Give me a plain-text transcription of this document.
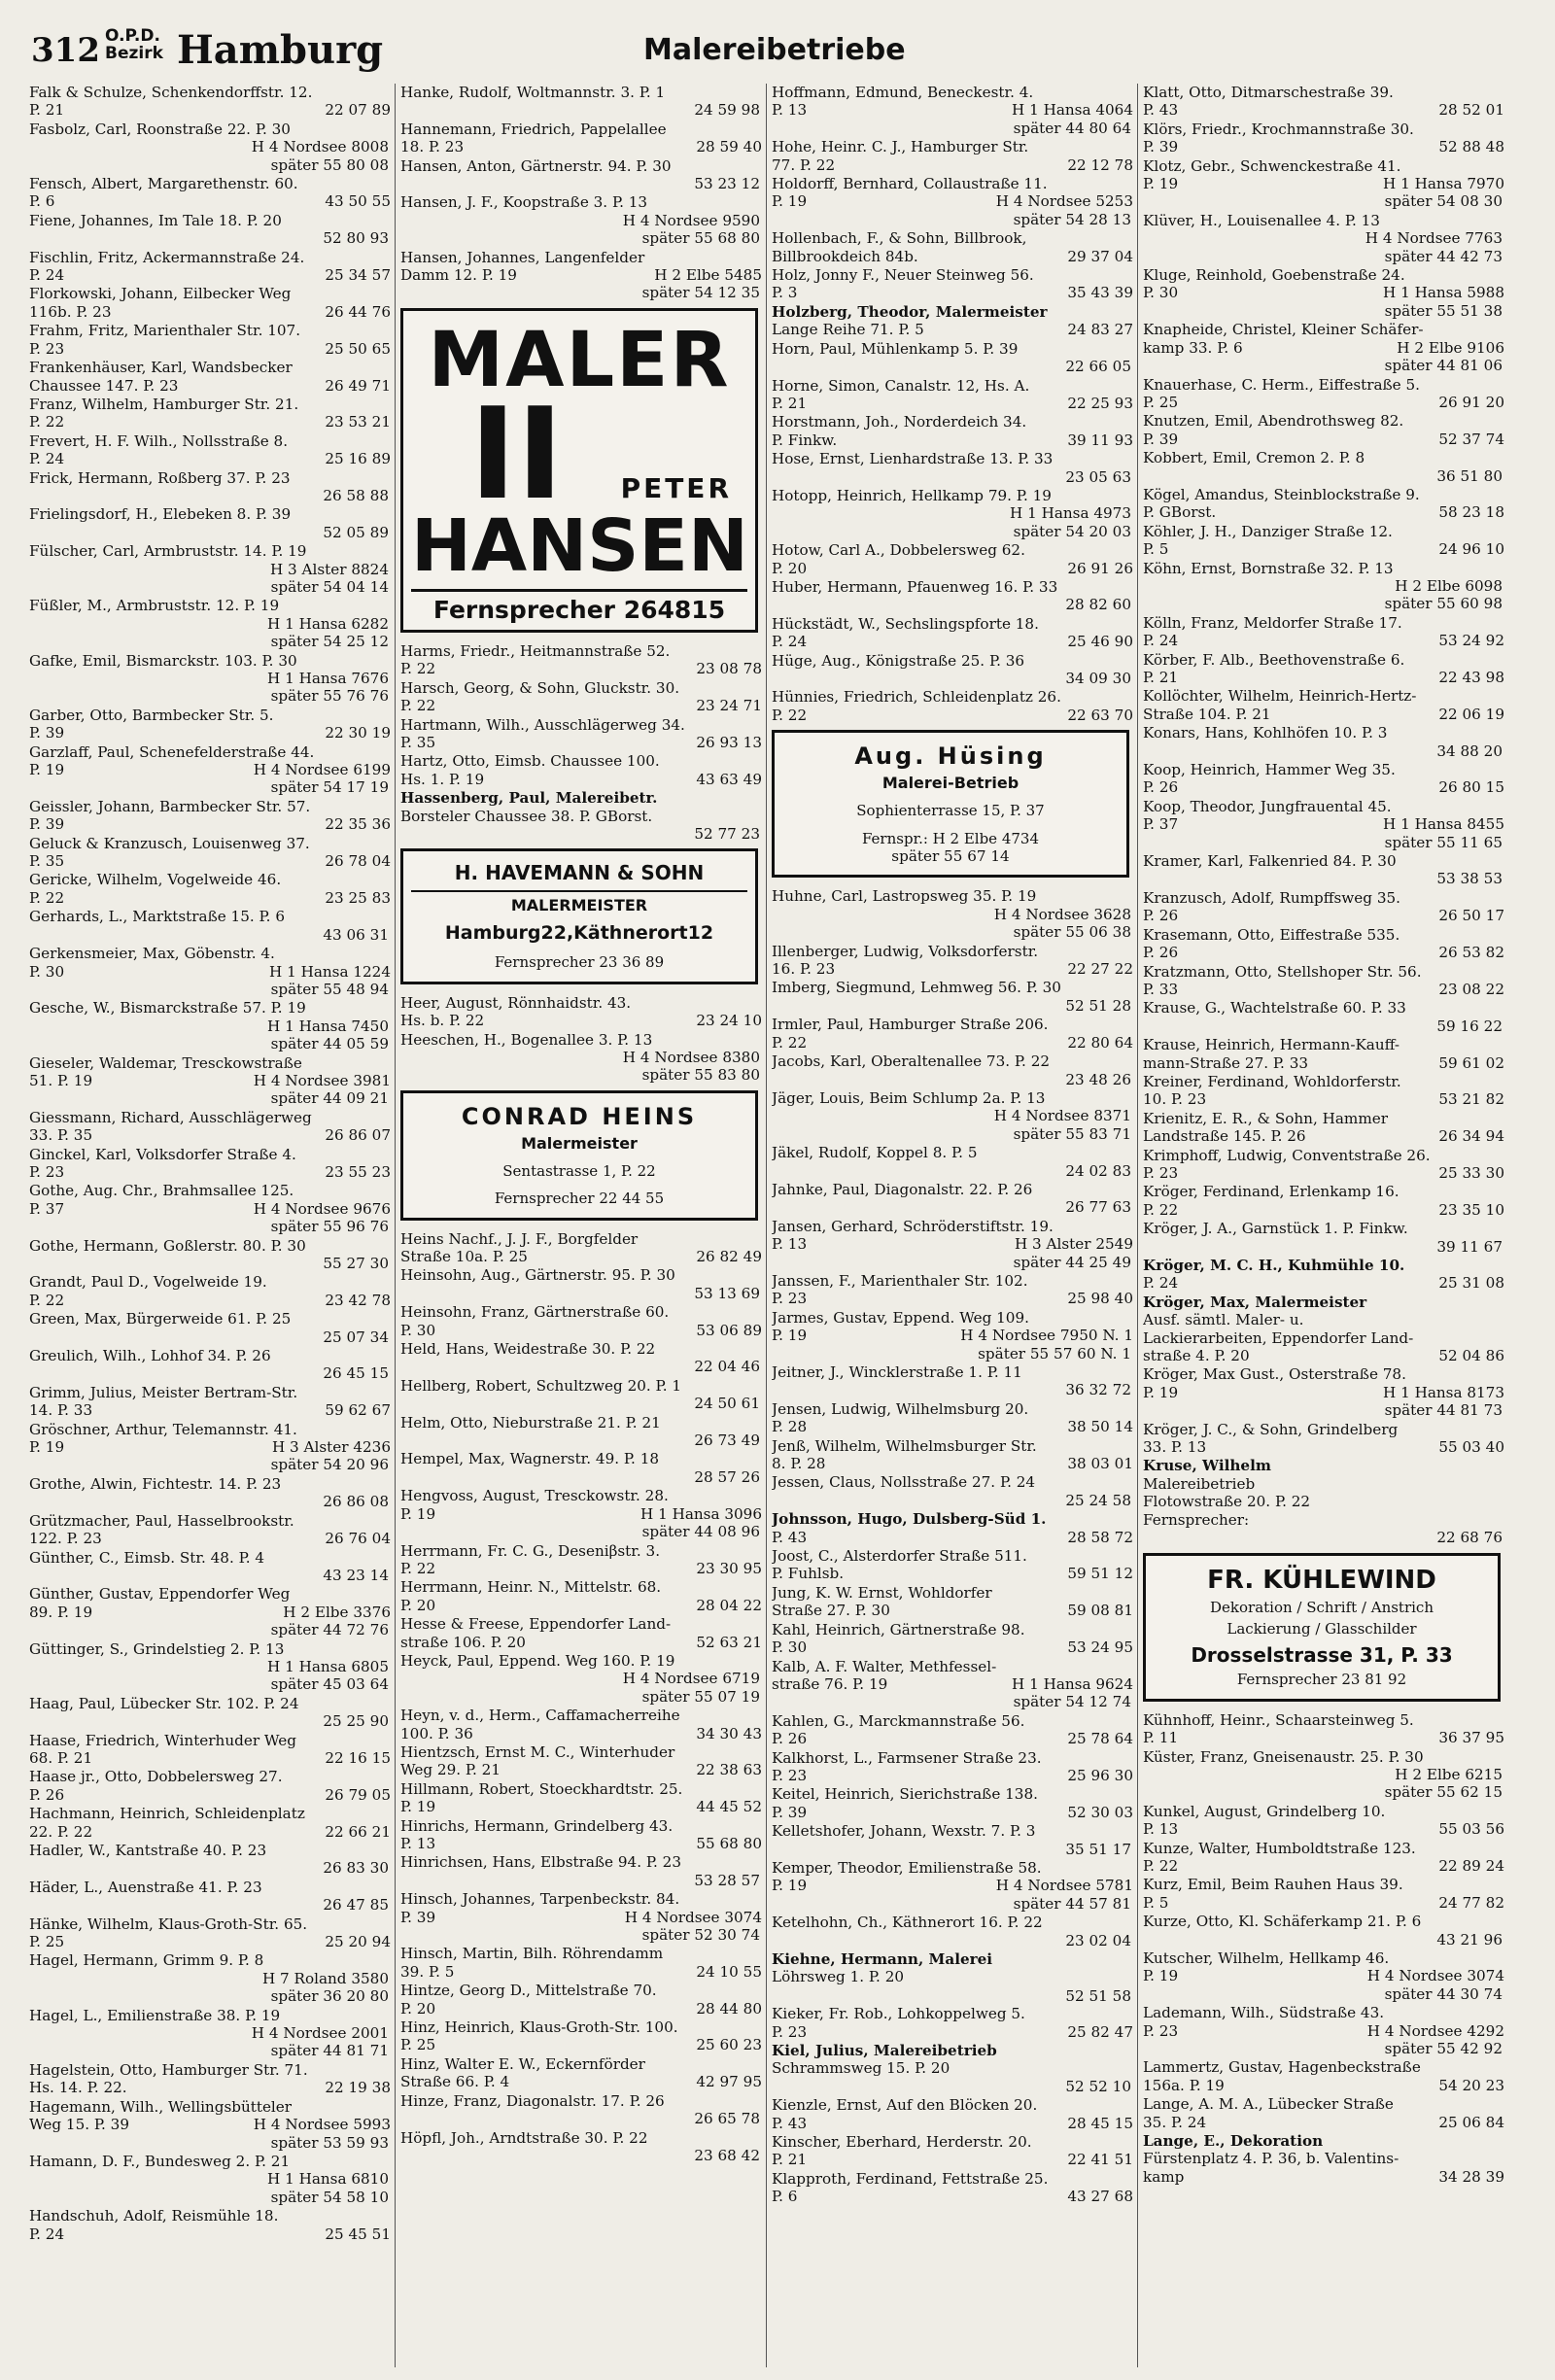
312 O.P.D.
Bezirk Hamburg	Malereibetriebe
Falk & Schulze, Schenkendorffstr. 12.
P. 21	22 07 89
Fasbolz, Carl, Roonstraße 22. P. 30
H 4 Nordsee 8008
später 55 80 08
Fensch, Albert, Margarethenstr. 60.
P. 6	43 50 55
Fiene, Johannes, Im Tale 18. P. 20
52 80 93
Fischlin, Fritz, Ackermannstraße 24.
P. 24	25 34 57
Florkowski, Johann, Eilbecker Weg
116b. P. 23	26 44 76
Frahm, Fritz, Marienthaler Str. 107.
P. 23	25 50 65
Frankenhäuser, Karl, Wandsbecker
Chaussee 147. P. 23	26 49 71
Franz, Wilhelm, Hamburger Str. 21.
P. 22	23 53 21
Frevert, H. F. Wilh., Nollsstraße 8.
P. 24	25 16 89
Frick, Hermann, Roßberg 37. P. 23
26 58 88
Frielingsdorf, H., Elebeken 8. P. 39
52 05 89
Fülscher, Carl, Armbruststr. 14. P. 19
H 3 Alster 8824
später 54 04 14
Füßler, M., Armbruststr. 12. P. 19
H 1 Hansa 6282
später 54 25 12
Gafke, Emil, Bismarckstr. 103. P. 30
H 1 Hansa 7676
später 55 76 76
Garber, Otto, Barmbecker Str. 5.
P. 39	22 30 19
Garzlaff, Paul, Schenefelderstraße 44.
P. 19	H 4 Nordsee 6199
später 54 17 19
Geissler, Johann, Barmbecker Str. 57.
P. 39	22 35 36
Geluck & Kranzusch, Louisenweg 37.
P. 35	26 78 04
Gericke, Wilhelm, Vogelweide 46.
P. 22	23 25 83
Gerhards, L., Marktstraße 15. P. 6
43 06 31
Gerkensmeier, Max, Göbenstr. 4.
P. 30	H 1 Hansa 1224
später 55 48 94
Gesche, W., Bismarckstraße 57. P. 19
H 1 Hansa 7450
später 44 05 59
Gieseler, Waldemar, Tresckowstraße
51. P. 19	H 4 Nordsee 3981
später 44 09 21
Giessmann, Richard, Ausschlägerweg
33. P. 35	26 86 07
Ginckel, Karl, Volksdorfer Straße 4.
P. 23	23 55 23
Gothe, Aug. Chr., Brahmsallee 125.
P. 37	H 4 Nordsee 9676
später 55 96 76
Gothe, Hermann, Goßlerstr. 80. P. 30
55 27 30
Grandt, Paul D., Vogelweide 19.
P. 22	23 42 78
Green, Max, Bürgerweide 61. P. 25
25 07 34
Greulich, Wilh., Lohhof 34. P. 26
26 45 15
Grimm, Julius, Meister Bertram-Str.
14. P. 33	59 62 67
Gröschner, Arthur, Telemannstr. 41.
P. 19	H 3 Alster 4236
später 54 20 96
Grothe, Alwin, Fichtestr. 14. P. 23
26 86 08
Grützmacher, Paul, Hasselbrookstr.
122. P. 23	26 76 04
Günther, C., Eimsb. Str. 48. P. 4
43 23 14
Günther, Gustav, Eppendorfer Weg
89. P. 19	H 2 Elbe 3376
später 44 72 76
Güttinger, S., Grindelstieg 2. P. 13
H 1 Hansa 6805
später 45 03 64
Haag, Paul, Lübecker Str. 102. P. 24
25 25 90
Haase, Friedrich, Winterhuder Weg
68. P. 21	22 16 15
Haase jr., Otto, Dobbelersweg 27.
P. 26	26 79 05
Hachmann, Heinrich, Schleidenplatz
22. P. 22	22 66 21
Hadler, W., Kantstraße 40. P. 23
26 83 30
Häder, L., Auenstraße 41. P. 23
26 47 85
Hänke, Wilhelm, Klaus-Groth-Str. 65.
P. 25	25 20 94
Hagel, Hermann, Grimm 9. P. 8
H 7 Roland 3580
später 36 20 80
Hagel, L., Emilienstraße 38. P. 19
H 4 Nordsee 2001
später 44 81 71
Hagelstein, Otto, Hamburger Str. 71.
Hs. 14. P. 22.	22 19 38
Hagemann, Wilh., Wellingsbütteler
Weg 15. P. 39	H 4 Nordsee 5993
später 53 59 93
Hamann, D. F., Bundesweg 2. P. 21
H 1 Hansa 6810
später 54 58 10
Handschuh, Adolf, Reismühle 18.
P. 24	25 45 51
Hanke, Rudolf, Woltmannstr. 3. P. 1
24 59 98
Hannemann, Friedrich, Pappelallee
18. P. 23	28 59 40
Hansen, Anton, Gärtnerstr. 94. P. 30
53 23 12
Hansen, J. F., Koopstraße 3. P. 13
H 4 Nordsee 9590
später 55 68 80
Hansen, Johannes, Langenfelder
Damm 12. P. 19	H 2 Elbe 5485
später 54 12 35
MALER
II PETER
HANSEN
Fernsprecher 264815
Harms, Friedr., Heitmannstraße 52.
P. 22	23 08 78
Harsch, Georg, & Sohn, Gluckstr. 30.
P. 22	23 24 71
Hartmann, Wilh., Ausschlägerweg 34.
P. 35	26 93 13
Hartz, Otto, Eimsb. Chaussee 100.
Hs. 1. P. 19	43 63 49
Hassenberg, Paul, Malereibetr.
Borsteler Chaussee 38. P. GBorst.
52 77 23
H. HAVEMANN & SOHN
MALERMEISTER
Hamburg22,Käthnerort12
Fernsprecher 23 36 89
Heer, August, Rönnhaidstr. 43.
Hs. b. P. 22	23 24 10
Heeschen, H., Bogenallee 3. P. 13
H 4 Nordsee 8380
später 55 83 80
CONRAD HEINS
Malermeister
Sentastrasse 1, P. 22
Fernsprecher 22 44 55
Heins Nachf., J. J. F., Borgfelder
Straße 10a. P. 25	26 82 49
Heinsohn, Aug., Gärtnerstr. 95. P. 30
53 13 69
Heinsohn, Franz, Gärtnerstraße 60.
P. 30	53 06 89
Held, Hans, Weidestraße 30. P. 22
22 04 46
Hellberg, Robert, Schultzweg 20. P. 1
24 50 61
Helm, Otto, Nieburstraße 21. P. 21
26 73 49
Hempel, Max, Wagnerstr. 49. P. 18
28 57 26
Hengvoss, August, Tresckowstr. 28.
P. 19	H 1 Hansa 3096
später 44 08 96
Herrmann, Fr. C. G., Deseniβstr. 3.
P. 22	23 30 95
Herrmann, Heinr. N., Mittelstr. 68.
P. 20	28 04 22
Hesse & Freese, Eppendorfer Land-
straße 106. P. 20	52 63 21
Heyck, Paul, Eppend. Weg 160. P. 19
H 4 Nordsee 6719
später 55 07 19
Heyn, v. d., Herm., Caffamacherreihe
100. P. 36	34 30 43
Hientzsch, Ernst M. C., Winterhuder
Weg 29. P. 21	22 38 63
Hillmann, Robert, Stoeckhardtstr. 25.
P. 19	44 45 52
Hinrichs, Hermann, Grindelberg 43.
P. 13	55 68 80
Hinrichsen, Hans, Elbstraße 94. P. 23
53 28 57
Hinsch, Johannes, Tarpenbeckstr. 84.
P. 39	H 4 Nordsee 3074
später 52 30 74
Hinsch, Martin, Bilh. Röhrendamm
39. P. 5	24 10 55
Hintze, Georg D., Mittelstraße 70.
P. 20	28 44 80
Hinz, Heinrich, Klaus-Groth-Str. 100.
P. 25	25 60 23
Hinz, Walter E. W., Eckernförder
Straße 66. P. 4	42 97 95
Hinze, Franz, Diagonalstr. 17. P. 26
26 65 78
Höpfl, Joh., Arndtstraße 30. P. 22
23 68 42
Hoffmann, Edmund, Beneckestr. 4.
P. 13	H 1 Hansa 4064
später 44 80 64
Hohe, Heinr. C. J., Hamburger Str.
77. P. 22	22 12 78
Holdorff, Bernhard, Collaustraße 11.
P. 19	H 4 Nordsee 5253
später 54 28 13
Hollenbach, F., & Sohn, Billbrook,
Billbrookdeich 84b.	29 37 04
Holz, Jonny F., Neuer Steinweg 56.
P. 3	35 43 39
Holzberg, Theodor, Malermeister
Lange Reihe 71. P. 5	24 83 27
Horn, Paul, Mühlenkamp 5. P. 39
22 66 05
Horne, Simon, Canalstr. 12, Hs. A.
P. 21	22 25 93
Horstmann, Joh., Norderdeich 34.
P. Finkw.	39 11 93
Hose, Ernst, Lienhardstraße 13. P. 33
23 05 63
Hotopp, Heinrich, Hellkamp 79. P. 19
H 1 Hansa 4973
später 54 20 03
Hotow, Carl A., Dobbelersweg 62.
P. 20	26 91 26
Huber, Hermann, Pfauenweg 16. P. 33
28 82 60
Hückstädt, W., Sechslingspforte 18.
P. 24	25 46 90
Hüge, Aug., Königstraße 25. P. 36
34 09 30
Hünnies, Friedrich, Schleidenplatz 26.
P. 22	22 63 70
Aug. Hüsing
Malerei-Betrieb
Sophienterrasse 15, P. 37
Fernspr.: H 2 Elbe 4734
später 55 67 14
Huhne, Carl, Lastropsweg 35. P. 19
H 4 Nordsee 3628
später 55 06 38
Illenberger, Ludwig, Volksdorferstr.
16. P. 23	22 27 22
Imberg, Siegmund, Lehmweg 56. P. 30
52 51 28
Irmler, Paul, Hamburger Straße 206.
P. 22	22 80 64
Jacobs, Karl, Oberaltenallee 73. P. 22
23 48 26
Jäger, Louis, Beim Schlump 2a. P. 13
H 4 Nordsee 8371
später 55 83 71
Jäkel, Rudolf, Koppel 8. P. 5
24 02 83
Jahnke, Paul, Diagonalstr. 22. P. 26
26 77 63
Jansen, Gerhard, Schröderstiftstr. 19.
P. 13	H 3 Alster 2549
später 44 25 49
Janssen, F., Marienthaler Str. 102.
P. 23	25 98 40
Jarmes, Gustav, Eppend. Weg 109.
P. 19	H 4 Nordsee 7950 N. 1
später 55 57 60 N. 1
Jeitner, J., Wincklerstraße 1. P. 11
36 32 72
Jensen, Ludwig, Wilhelmsburg 20.
P. 28	38 50 14
Jenß, Wilhelm, Wilhelmsburger Str.
8. P. 28	38 03 01
Jessen, Claus, Nollsstraße 27. P. 24
25 24 58
Johnsson, Hugo, Dulsberg-Süd 1.
P. 43	28 58 72
Joost, C., Alsterdorfer Straße 511.
P. Fuhlsb.	59 51 12
Jung, K. W. Ernst, Wohldorfer
Straße 27. P. 30	59 08 81
Kahl, Heinrich, Gärtnerstraße 98.
P. 30	53 24 95
Kalb, A. F. Walter, Methfessel-
straße 76. P. 19	H 1 Hansa 9624
später 54 12 74
Kahlen, G., Marckmannstraße 56.
P. 26	25 78 64
Kalkhorst, L., Farmsener Straße 23.
P. 23	25 96 30
Keitel, Heinrich, Sierichstraße 138.
P. 39	52 30 03
Kelletshofer, Johann, Wexstr. 7. P. 3
35 51 17
Kemper, Theodor, Emilienstraße 58.
P. 19	H 4 Nordsee 5781
später 44 57 81
Ketelhohn, Ch., Käthnerort 16. P. 22
23 02 04
Kiehne, Hermann, Malerei
Löhrsweg 1. P. 20
52 51 58
Kieker, Fr. Rob., Lohkoppelweg 5.
P. 23	25 82 47
Kiel, Julius, Malereibetrieb
Schrammsweg 15. P. 20
52 52 10
Kienzle, Ernst, Auf den Blöcken 20.
P. 43	28 45 15
Kinscher, Eberhard, Herderstr. 20.
P. 21	22 41 51
Klapproth, Ferdinand, Fettstraße 25.
P. 6	43 27 68
Klatt, Otto, Ditmarschestraße 39.
P. 43	28 52 01
Klörs, Friedr., Krochmannstraße 30.
P. 39	52 88 48
Klotz, Gebr., Schwenckestraße 41.
P. 19	H 1 Hansa 7970
später 54 08 30
Klüver, H., Louisenallee 4. P. 13
H 4 Nordsee 7763
später 44 42 73
Kluge, Reinhold, Goebenstraße 24.
P. 30	H 1 Hansa 5988
später 55 51 38
Knapheide, Christel, Kleiner Schäfer-
kamp 33. P. 6	H 2 Elbe 9106
später 44 81 06
Knauerhase, C. Herm., Eiffestraße 5.
P. 25	26 91 20
Knutzen, Emil, Abendrothsweg 82.
P. 39	52 37 74
Kobbert, Emil, Cremon 2. P. 8
36 51 80
Kögel, Amandus, Steinblockstraße 9.
P. GBorst.	58 23 18
Köhler, J. H., Danziger Straße 12.
P. 5	24 96 10
Köhn, Ernst, Bornstraße 32. P. 13
H 2 Elbe 6098
später 55 60 98
Kölln, Franz, Meldorfer Straße 17.
P. 24	53 24 92
Körber, F. Alb., Beethovenstraße 6.
P. 21	22 43 98
Kollöchter, Wilhelm, Heinrich-Hertz-
Straße 104. P. 21	22 06 19
Konars, Hans, Kohlhöfen 10. P. 3
34 88 20
Koop, Heinrich, Hammer Weg 35.
P. 26	26 80 15
Koop, Theodor, Jungfrauental 45.
P. 37	H 1 Hansa 8455
später 55 11 65
Kramer, Karl, Falkenried 84. P. 30
53 38 53
Kranzusch, Adolf, Rumpffsweg 35.
P. 26	26 50 17
Krasemann, Otto, Eiffestraße 535.
P. 26	26 53 82
Kratzmann, Otto, Stellshoper Str. 56.
P. 33	23 08 22
Krause, G., Wachtelstraße 60. P. 33
59 16 22
Krause, Heinrich, Hermann-Kauff-
mann-Straße 27. P. 33	59 61 02
Kreiner, Ferdinand, Wohldorferstr.
10. P. 23	53 21 82
Krienitz, E. R., & Sohn, Hammer
Landstraße 145. P. 26	26 34 94
Krimphoff, Ludwig, Conventstraße 26.
P. 23	25 33 30
Kröger, Ferdinand, Erlenkamp 16.
P. 22	23 35 10
Kröger, J. A., Garnstück 1. P. Finkw.
39 11 67
Kröger, M. C. H., Kuhmühle 10.
P. 24	25 31 08
Kröger, Max, Malermeister
Ausf. sämtl. Maler- u.
Lackierarbeiten, Eppendorfer Land-
straße 4. P. 20	52 04 86
Kröger, Max Gust., Osterstraße 78.
P. 19	H 1 Hansa 8173
später 44 81 73
Kröger, J. C., & Sohn, Grindelberg
33. P. 13	55 03 40
Kruse, Wilhelm
Malereibetrieb
Flotowstraße 20. P. 22
Fernsprecher:
22 68 76
FR. KÜHLEWIND
Dekoration / Schrift / Anstrich
Lackierung / Glasschilder
Drosselstrasse 31, P. 33
Fernsprecher 23 81 92
Kühnhoff, Heinr., Schaarsteinweg 5.
P. 11	36 37 95
Küster, Franz, Gneisenaustr. 25. P. 30
H 2 Elbe 6215
später 55 62 15
Kunkel, August, Grindelberg 10.
P. 13	55 03 56
Kunze, Walter, Humboldtstraße 123.
P. 22	22 89 24
Kurz, Emil, Beim Rauhen Haus 39.
P. 5	24 77 82
Kurze, Otto, Kl. Schäferkamp 21. P. 6
43 21 96
Kutscher, Wilhelm, Hellkamp 46.
P. 19	H 4 Nordsee 3074
später 44 30 74
Lademann, Wilh., Südstraße 43.
P. 23	H 4 Nordsee 4292
später 55 42 92
Lammertz, Gustav, Hagenbeckstraße
156a. P. 19	54 20 23
Lange, A. M. A., Lübecker Straße
35. P. 24	25 06 84
Lange, E., Dekoration
Fürstenplatz 4. P. 36, b. Valentins-
kamp	34 28 39
